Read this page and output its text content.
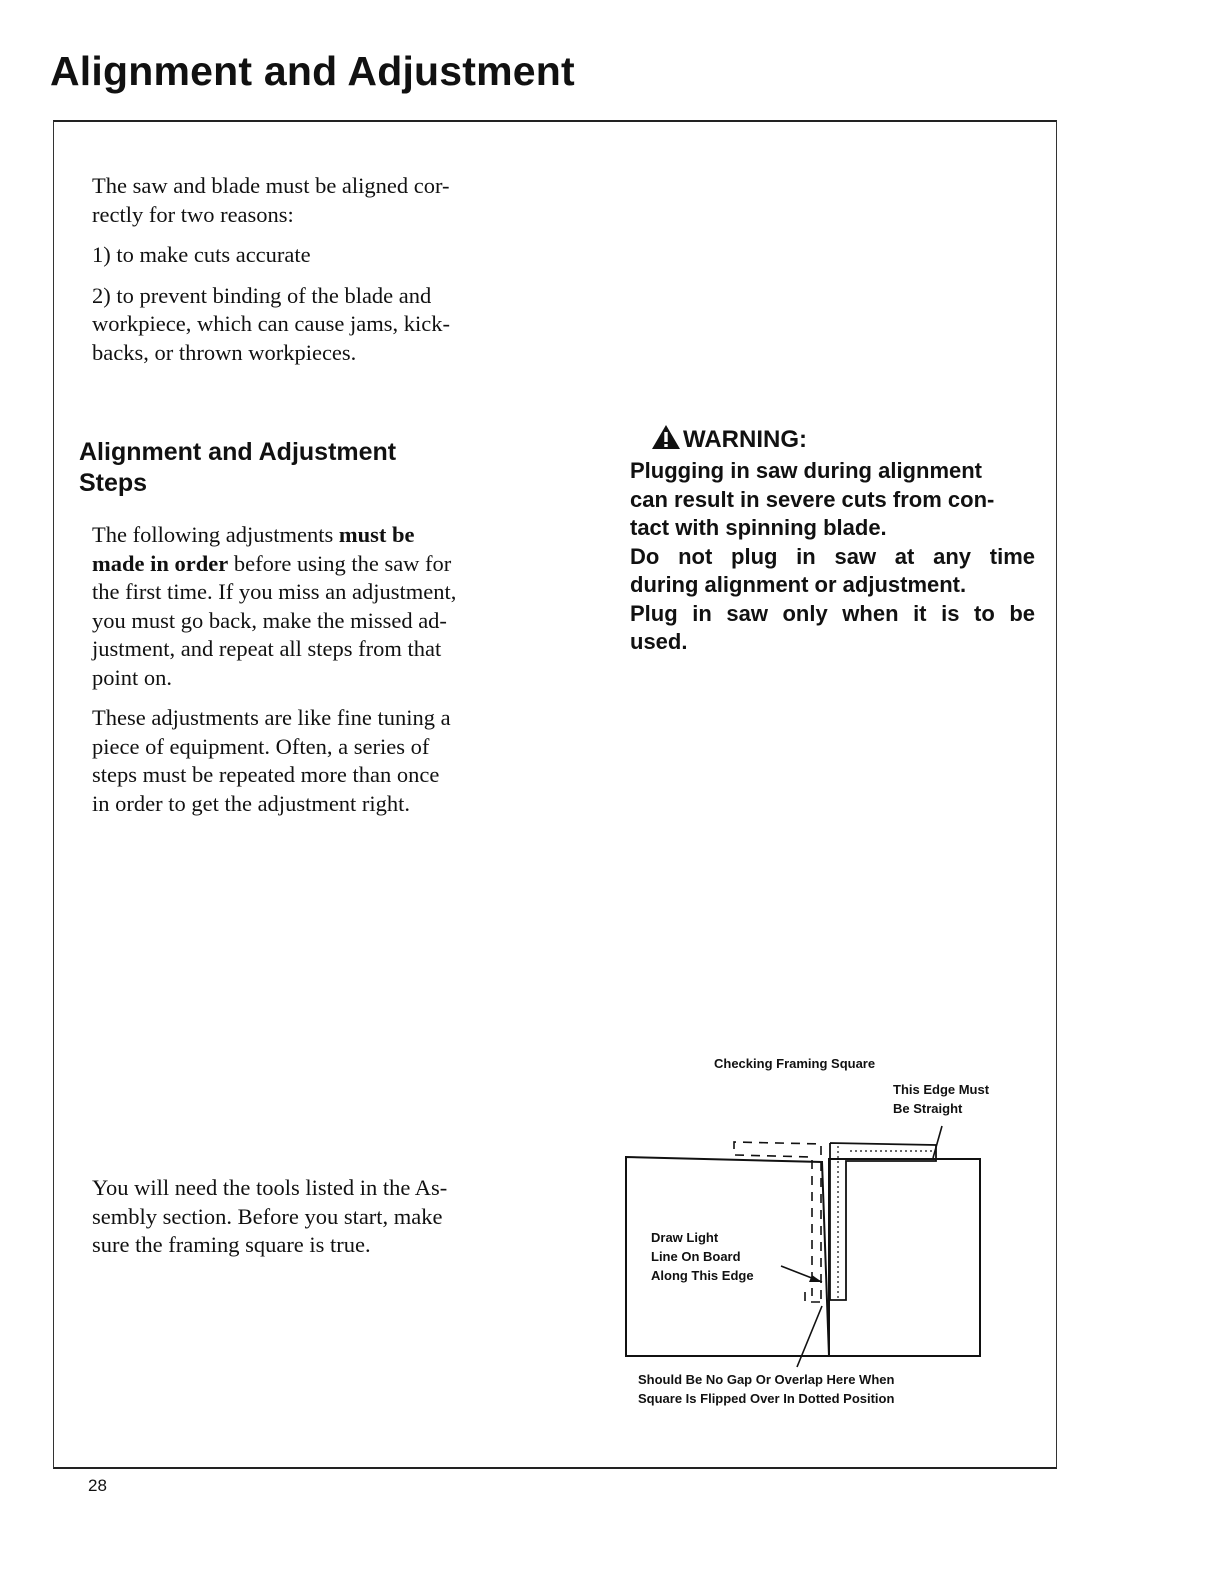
Alignment and Adjustment

The saw and blade must be aligned cor-
rectly for two reasons:

1) to make cuts accurate

2) to prevent binding of the blade and
workpiece, which can cause jams, kick-
backs, or thrown workpieces.

Alignment and Adjustment
Steps

The following adjustments must be
made in order before using the saw for
the first time. If you miss an adjustment,
you must go back, make the missed ad-
justment, and repeat all steps from that
point on.

These adjustments are like fine tuning a
piece of equipment. Often, a series of
steps must be repeated more than once
in order to get the adjustment right.

You will need the tools listed in the As-
sembly section. Before you start, make
sure the framing square is true.
WARNING:

Plugging in saw during alignment

can result in severe cuts from con-

tact with spinning blade.

Do not plug in saw at any time

during alignment or adjustment.

Plug in saw only when it is to be

used.

Checking Framing Square

This Edge Must
Be Straight

Draw Light
Line On Board
Along This Edge

Should Be No Gap Or Overlap Here When
Square Is Flipped Over In Dotted Position

28
